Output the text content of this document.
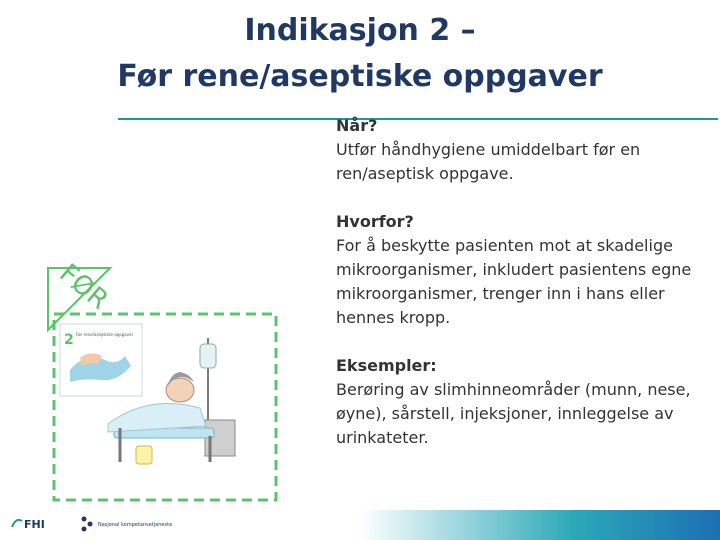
Indikasjon 2 –
Før rene/aseptiske oppgaver
Når?
Utfør håndhygiene umiddelbart før en ren/aseptisk oppgave.
Hvorfor?
For å beskytte pasienten mot at skadelige mikroorganismer, inkludert pasientens egne mikroorganismer, trenger inn i hans eller hennes kropp.
Eksempler:
Berøring av slimhinneområder (munn, nese, øyne), sårstell, injeksjoner, innleggelse av urinkateter.
FØR
2 Før rene/aseptiske oppgaver
FHI	Nasjonal kompetansetjeneste
